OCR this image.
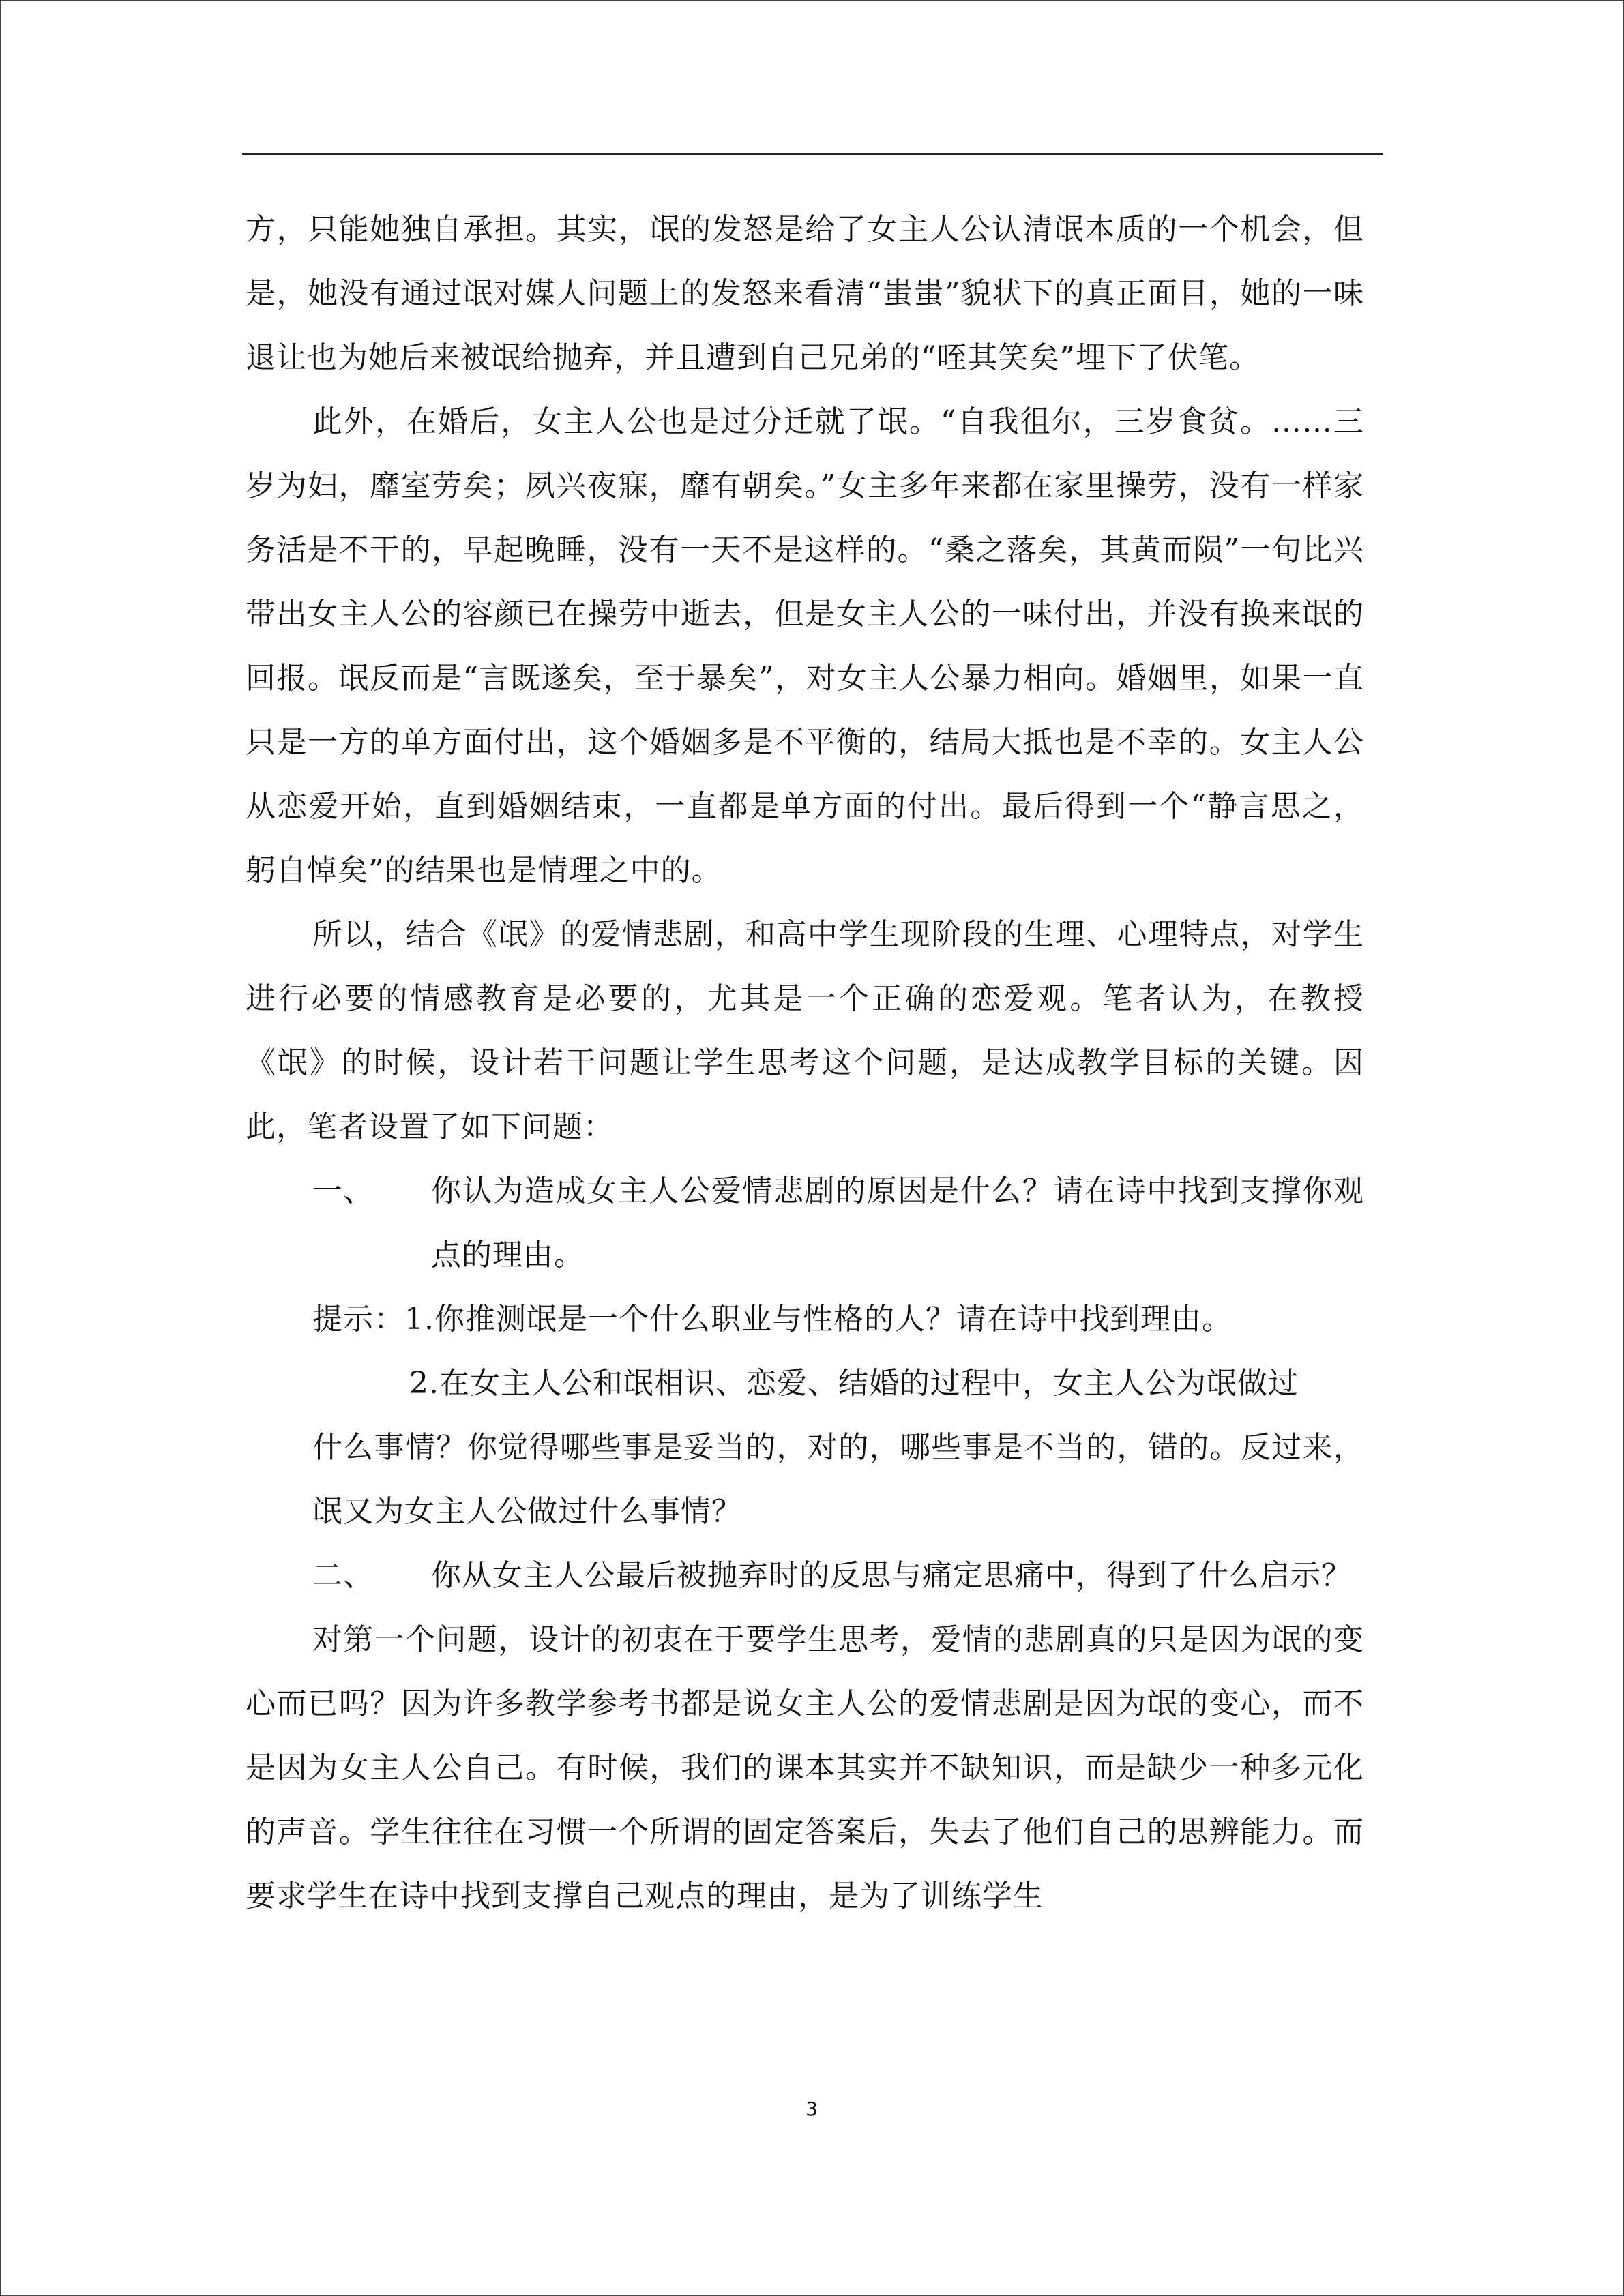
方，只能她独自承担。其实，氓的发怒是给了女主人公认清氓本质的一个机会，但是，她没有通过氓对媒人问题上的发怒来看清“蚩蚩”貌状下的真正面目，她的一味退让也为她后来被氓给抛弃，并且遭到自己兄弟的“咥其笑矣”埋下了伏笔。

此外，在婚后，女主人公也是过分迁就了氓。“自我徂尔，三岁食贫。……三岁为妇，靡室劳矣；夙兴夜寐，靡有朝矣。”女主多年来都在家里操劳，没有一样家务活是不干的，早起晚睡，没有一天不是这样的。“桑之落矣，其黄而陨”一句比兴带出女主人公的容颜已在操劳中逝去，但是女主人公的一味付出，并没有换来氓的回报。氓反而是“言既遂矣，至于暴矣”，对女主人公暴力相向。婚姻里，如果一直只是一方的单方面付出，这个婚姻多是不平衡的，结局大抵也是不幸的。女主人公从恋爱开始，直到婚姻结束，一直都是单方面的付出。最后得到一个“静言思之，躬自悼矣”的结果也是情理之中的。

所以，结合《氓》的爱情悲剧，和高中学生现阶段的生理、心理特点，对学生进行必要的情感教育是必要的，尤其是一个正确的恋爱观。笔者认为，在教授《氓》的时候，设计若干问题让学生思考这个问题，是达成教学目标的关键。因此，笔者设置了如下问题：

一、 你认为造成女主人公爱情悲剧的原因是什么？请在诗中找到支撑你观点的理由。

提示：1.你推测氓是一个什么职业与性格的人？请在诗中找到理由。

2.在女主人公和氓相识、恋爱、结婚的过程中，女主人公为氓做过

什么事情？你觉得哪些事是妥当的，对的，哪些事是不当的，错的。反过来，氓又为女主人公做过什么事情？

二、 你从女主人公最后被抛弃时的反思与痛定思痛中，得到了什么启示？

对第一个问题，设计的初衷在于要学生思考，爱情的悲剧真的只是因为氓的变心而已吗？因为许多教学参考书都是说女主人公的爱情悲剧是因为氓的变心，而不是因为女主人公自己。有时候，我们的课本其实并不缺知识，而是缺少一种多元化的声音。学生往往在习惯一个所谓的固定答案后，失去了他们自己的思辨能力。而要求学生在诗中找到支撑自己观点的理由，是为了训练学生

3
